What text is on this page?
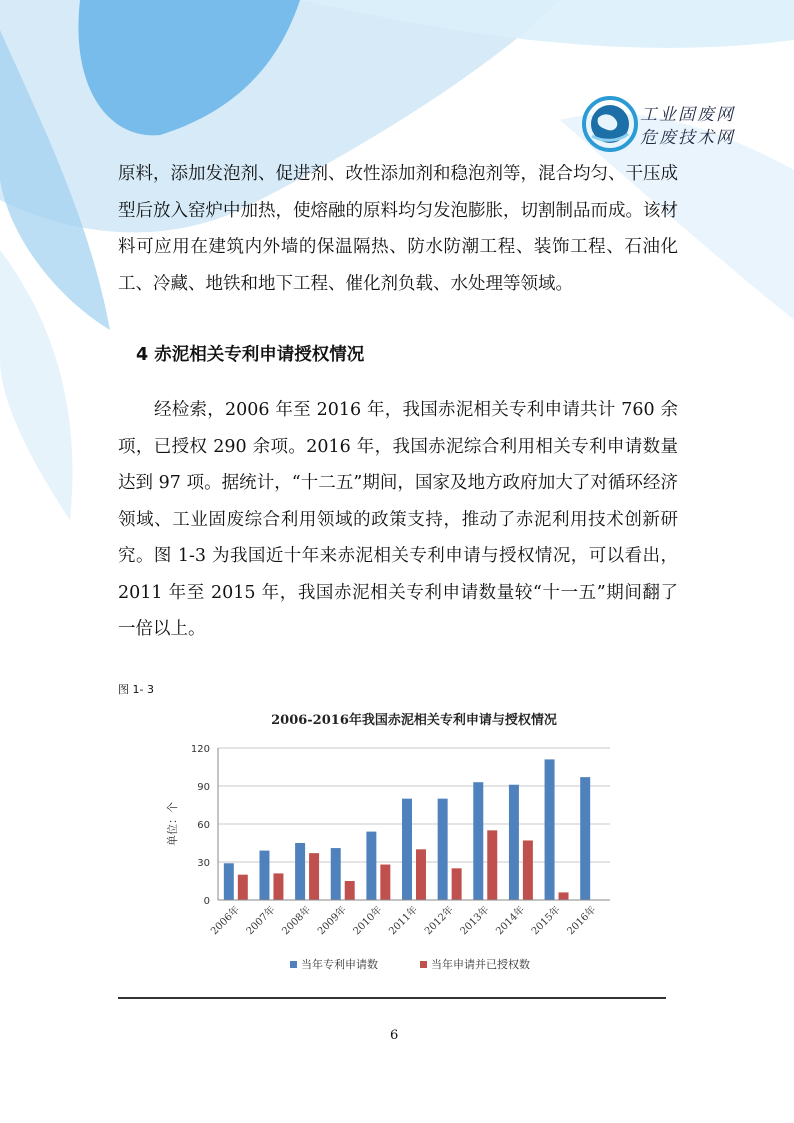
工业固废网
危废技术网

原料，添加发泡剂、促进剂、改性添加剂和稳泡剂等，混合均匀、干压成型后放入窑炉中加热，使熔融的原料均匀发泡膨胀，切割制品而成。该材料可应用在建筑内外墙的保温隔热、防水防潮工程、装饰工程、石油化工、冷藏、地铁和地下工程、催化剂负载、水处理等领域。

4 赤泥相关专利申请授权情况

经检索，2006 年至 2016 年，我国赤泥相关专利申请共计 760 余项，已授权 290 余项。2016 年，我国赤泥综合利用相关专利申请数量达到 97 项。据统计，“十二五”期间，国家及地方政府加大了对循环经济领域、工业固废综合利用领域的政策支持，推动了赤泥利用技术创新研究。图 1-3 为我国近十年来赤泥相关专利申请与授权情况，可以看出，2011 年至 2015 年，我国赤泥相关专利申请数量较“十一五”期间翻了一倍以上。

图 1- 3
2006-2016年我国赤泥相关专利申请与授权情况
0
30
60
90
120
单位：个
2006年 2007年 2008年 2009年 2010年 2011年 2012年 2013年 2014年 2015年 2016年
当年专利申请数	当年申请并已授权数
6
